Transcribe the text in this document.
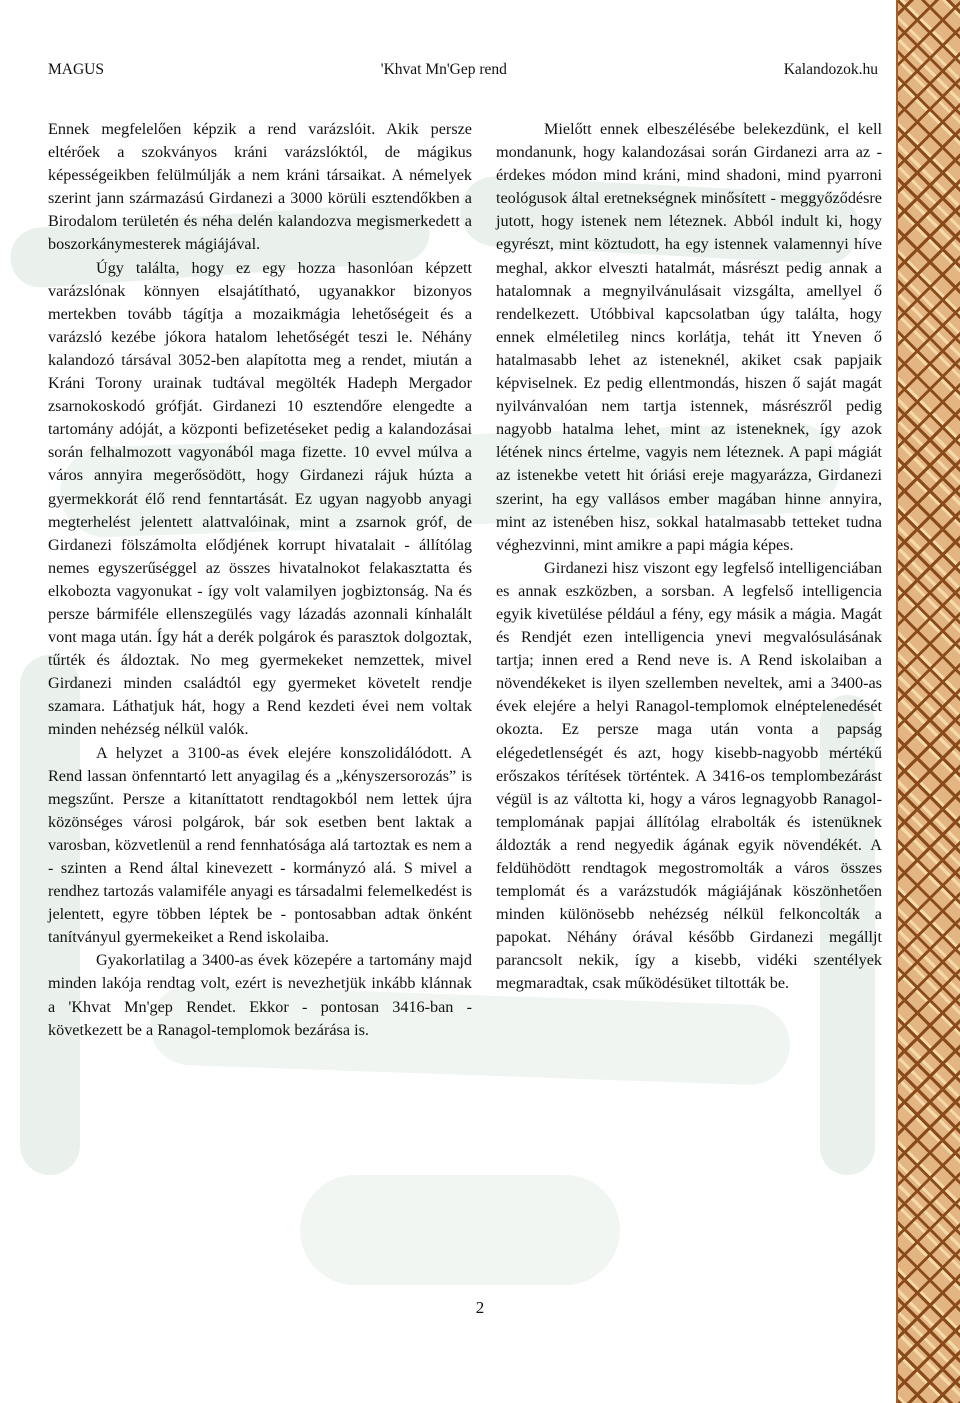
MAGUS	'Khvat Mn'Gep rend	Kalandozok.hu

Ennek megfelelően képzik a rend varázslóit. Akik persze eltérőek a szokványos kráni varázslóktól, de mágikus képességeikben felülmúlják a nem kráni társaikat. A némelyek szerint jann származású Girdanezi a 3000 körüli esztendőkben a Birodalom területén és néha delén kalandozva megismerkedett a boszorkánymesterek mágiájával.

Úgy találta, hogy ez egy hozza hasonlóan képzett varázslónak könnyen elsajátítható, ugyanakkor bizonyos mertekben tovább tágítja a mozaikmágia lehetőségeit és a varázsló kezébe jókora hatalom lehetőségét teszi le. Néhány kalandozó társával 3052-ben alapította meg a rendet, miután a Kráni Torony urainak tudtával megölték Hadeph Mergador zsarnokoskodó grófját. Girdanezi 10 esztendőre elengedte a tartomány adóját, a központi befizetéseket pedig a kalandozásai során felhalmozott vagyonából maga fizette. 10 evvel múlva a város annyira megerősödött, hogy Girdanezi rájuk húzta a gyermekkorát élő rend fenntartását. Ez ugyan nagyobb anyagi megterhelést jelentett alattvalóinak, mint a zsarnok gróf, de Girdanezi fölszámolta elődjének korrupt hivatalait - állítólag nemes egyszerűséggel az összes hivatalnokot felakasztatta és elkobozta vagyonukat - így volt valamilyen jogbiztonság. Na és persze bármiféle ellenszegülés vagy lázadás azonnali kínhalált vont maga után. Így hát a derék polgárok és parasztok dolgoztak, tűrték és áldoztak. No meg gyermekeket nemzettek, mivel Girdanezi minden családtól egy gyermeket követelt rendje szamara. Láthatjuk hát, hogy a Rend kezdeti évei nem voltak minden nehézség nélkül valók.

A helyzet a 3100-as évek elejére konszolidálódott. A Rend lassan önfenntartó lett anyagilag és a „kényszersorozás” is megszűnt. Persze a kitaníttatott rendtagokból nem lettek újra közönséges városi polgárok, bár sok esetben bent laktak a varosban, közvetlenül a rend fennhatósága alá tartoztak es nem a - szinten a Rend által kinevezett - kormányzó alá. S mivel a rendhez tartozás valamiféle anyagi es társadalmi felemelkedést is jelentett, egyre többen léptek be - pontosabban adtak önként tanítványul gyermekeiket a Rend iskolaiba.

Gyakorlatilag a 3400-as évek közepére a tartomány majd minden lakója rendtag volt, ezért is nevezhetjük inkább klánnak a 'Khvat Mn'gep Rendet. Ekkor - pontosan 3416-ban - következett be a Ranagol-templomok bezárása is.

Mielőtt ennek elbeszélésébe belekezdünk, el kell mondanunk, hogy kalandozásai során Girdanezi arra az - érdekes módon mind kráni, mind shadoni, mind pyarroni teológusok által eretnekségnek minősített - meggyőződésre jutott, hogy istenek nem léteznek. Abból indult ki, hogy egyrészt, mint köztudott, ha egy istennek valamennyi híve meghal, akkor elveszti hatalmát, másrészt pedig annak a hatalomnak a megnyilvánulásait vizsgálta, amellyel ő rendelkezett. Utóbbival kapcsolatban úgy találta, hogy ennek elméletileg nincs korlátja, tehát itt Yneven ő hatalmasabb lehet az isteneknél, akiket csak papjaik képviselnek. Ez pedig ellentmondás, hiszen ő saját magát nyilvánvalóan nem tartja istennek, másrészről pedig nagyobb hatalma lehet, mint az isteneknek, így azok létének nincs értelme, vagyis nem léteznek. A papi mágiát az istenekbe vetett hit óriási ereje magyarázza, Girdanezi szerint, ha egy vallásos ember magában hinne annyira, mint az istenében hisz, sokkal hatalmasabb tetteket tudna véghezvinni, mint amikre a papi mágia képes.

Girdanezi hisz viszont egy legfelső intelligenciában es annak eszközben, a sorsban. A legfelső intelligencia egyik kivetülése például a fény, egy másik a mágia. Magát és Rendjét ezen intelligencia ynevi megvalósulásának tartja; innen ered a Rend neve is. A Rend iskolaiban a növendékeket is ilyen szellemben neveltek, ami a 3400-as évek elejére a helyi Ranagol-templomok elnéptelenedését okozta. Ez persze maga után vonta a papság elégedetlenségét és azt, hogy kisebb-nagyobb mértékű erőszakos térítések történtek. A 3416-os templombezárást végül is az váltotta ki, hogy a város legnagyobb Ranagol-templomának papjai állítólag elrabolták és istenüknek áldozták a rend negyedik ágának egyik növendékét. A feldühödött rendtagok megostromolták a város összes templomát és a varázstudók mágiájának köszönhetően minden különösebb nehézség nélkül felkoncolták a papokat. Néhány órával később Girdanezi megálljt parancsolt nekik, így a kisebb, vidéki szentélyek megmaradtak, csak működésüket tiltották be.

2
